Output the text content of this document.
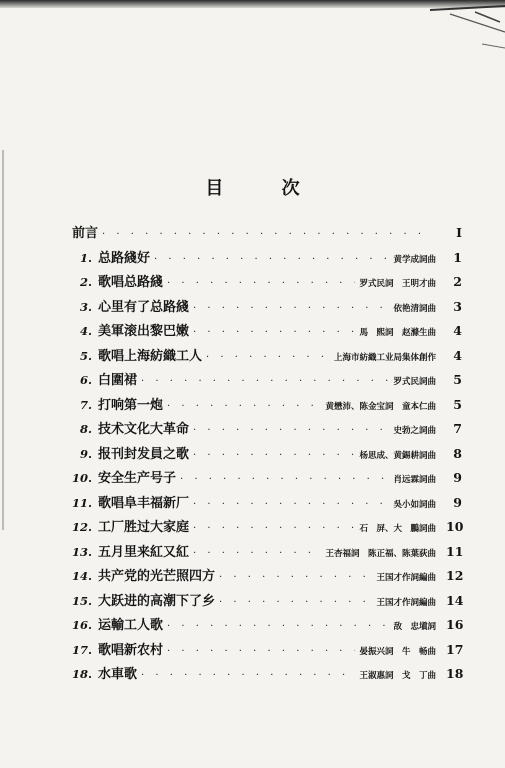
目 次
前言 · · ·	I
1. 总路綫好 · · ·	黄学成詞曲	1
2. 歌唱总路綫 · · ·	罗式民詞　王明才曲	2
3. 心里有了总路綫 · · ·	依艳清詞曲	3
4. 美軍滚出黎巴嫩 · · ·	馬　熙詞　赵滌生曲	4
5. 歌唱上海紡織工人 · · ·	上海市紡織工业局集体創作	4
6. 白圍裙 · · ·	罗式民詞曲	5
7. 打响第一炮 · · ·	黄懋沛、陈金宝詞　童本仁曲	5
8. 技术文化大革命 · · ·	史勃之詞曲	7
9. 报刊封发員之歌 · · ·	杨思成、黄錫耕詞曲	8
10. 安全生产号子 · · ·	肖远霖詞曲	9
11. 歌唱阜丰福新厂 · · ·	吳小如詞曲	9
12. 工厂胜过大家庭 · · ·	石　屏、大　鵬詞曲 10
13. 五月里来紅又紅 · · ·	王杏福詞　陈正福、陈葉荻曲 11
14. 共产党的光芒照四方 · · ·	王国才作詞編曲 12
15. 大跃进的高潮下了乡 · · ·	王国才作詞編曲 14
16. 运輸工人歌 · · ·	敌　忠塡詞 16
17. 歌唱新农村 · · ·	晏振兴詞　牛　畅曲 17
18. 水車歌 · · ·	王淑惠詞　戈　丁曲 18
